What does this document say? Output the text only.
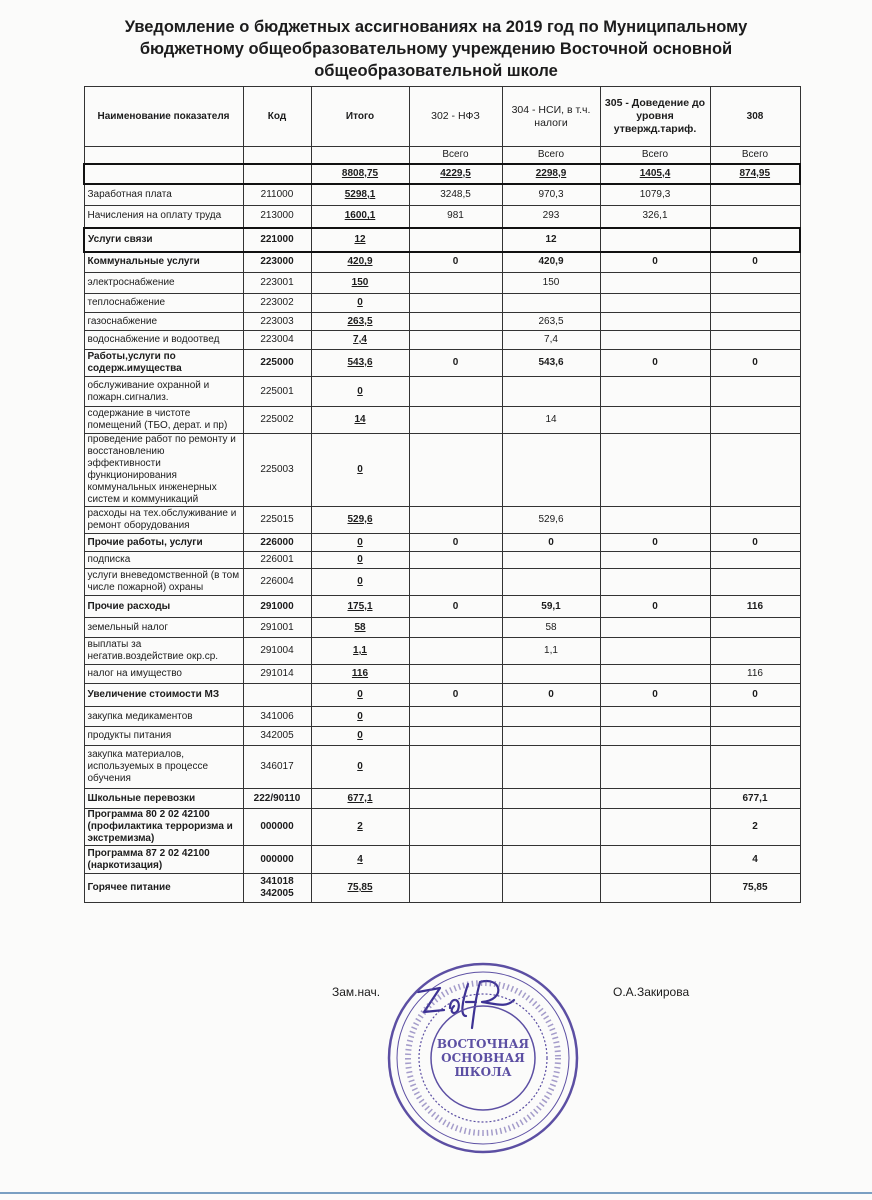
Уведомление о бюджетных ассигнованиях на 2019 год по Муниципальному
бюджетному общеобразовательному учреждению Восточной основной
общеобразовательной школе
Наименование показателя	Код	Итого	302 - НФЗ	304 - НСИ, в т.ч. налоги	305 - Доведение до уровня утвержд.тариф.	308
			Всего	Всего	Всего	Всего
		8808,75	4229,5	2298,9	1405,4	874,95
Заработная плата	211000	5298,1	3248,5	970,3	1079,3	
Начисления на оплату труда	213000	1600,1	981	293	326,1	
Услуги связи	221000	12		12		
Коммунальные услуги	223000	420,9	0	420,9	0	0
электроснабжение	223001	150		150		
теплоснабжение	223002	0				
газоснабжение	223003	263,5		263,5		
водоснабжение и водоотвед	223004	7,4		7,4		
Работы,услуги по содерж.имущества	225000	543,6	0	543,6	0	0
обслуживание охранной и пожарн.сигнализ.	225001	0				
содержание в чистоте помещений (ТБО, дерат. и пр)	225002	14		14		
проведение работ по ремонту и восстановлению эффективности функционирования коммунальных инженерных систем и коммуникаций	225003	0				
расходы на тех.обслуживание и ремонт оборудования	225015	529,6		529,6		
Прочие работы, услуги	226000	0	0	0	0	0
подписка	226001	0				
услуги вневедомственной (в том числе пожарной) охраны	226004	0				
Прочие расходы	291000	175,1	0	59,1	0	116
земельный налог	291001	58		58		
выплаты за негатив.воздействие окр.ср.	291004	1,1		1,1		
налог на имущество	291014	116				116
Увеличение стоимости МЗ		0	0	0	0	0
закупка медикаментов	341006	0				
продукты питания	342005	0				
закупка материалов, используемых в процессе обучения	346017	0				
Школьные перевозки	222/90110	677,1				677,1
Программа 80 2 02 42100 (профилактика терроризма и экстремизма)	000000	2				2
Программа 87 2 02 42100 (наркотизация)	000000	4				4
Горячее питание	341018 342005	75,85				75,85
Зам.нач.
ВОСТОЧНАЯ
ОСНОВНАЯ
ШКОЛА
О.А.Закирова
